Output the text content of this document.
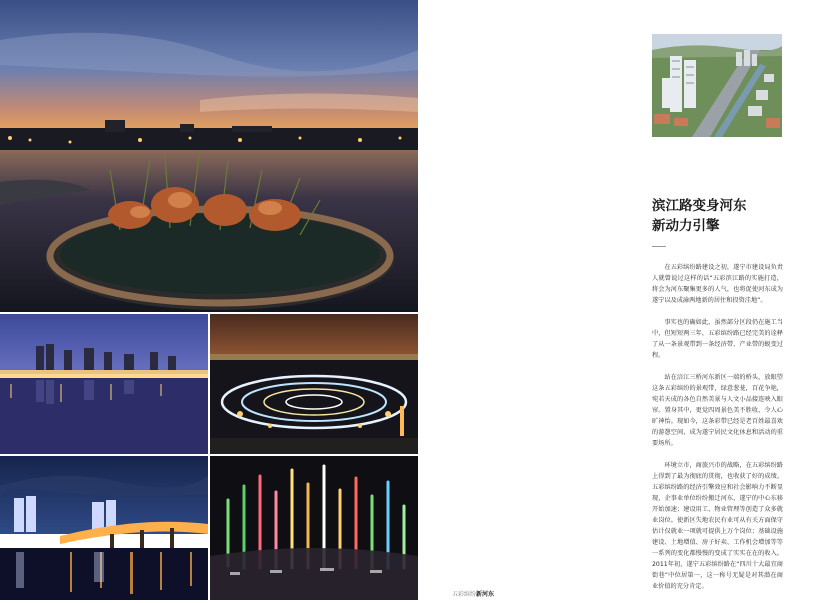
五彩缤纷新河东
滨江路变身河东
新动力引擎

在五彩缤纷路建设之初，遂宁市建设局负责人就曾说过这样的话“五彩滨江路的实施打造，将会为河东聚集更多的人气，也将促使河东成为遂宁以及成渝两地新的居住和投资洼地”。

事实也的确如此，虽然部分区段仍在施工当中，但短短两三年，五彩缤纷路已经完美的诠释了从一条景观带到一条经济带、产业带的蜕变过程。

站在涪江三桥河东新区一端的桥头，放眼望这条五彩缤纷的景观带，绿意葱茏，百花争艳，宛若天成的各色自然美景与人文小品接连映入眼帘。置身其中，更觉四周景色美不胜收，令人心旷神怡。现如今，这条彩带已经是老百姓最喜欢的游憩空间，成为遂宁居民文化休息和活动的重要场所。

环境立市，商旅兴市的战略，在五彩缤纷路上得到了最为彻底的贯彻，也收获了好的成绩。五彩缤纷路的经济引擎效应和社会影响力不断显现，企事业单位纷纷搬迁河东，遂宁的中心东移开始加速；建设用工、物业管理等创造了众多就业岗位。使新区失地农民有业可从有关方面保守估计仅就业一项就可提供上万个岗位；基础设施建设、土地增值、房子好卖、工作机会增加等等一系列的变化都慢慢的变成了实实在在的收入。2011年初，遂宁五彩缤纷路在“四川十大最宜商街巷”中位居第一，这一称号无疑是对其潜在商业价值的充分肯定。
